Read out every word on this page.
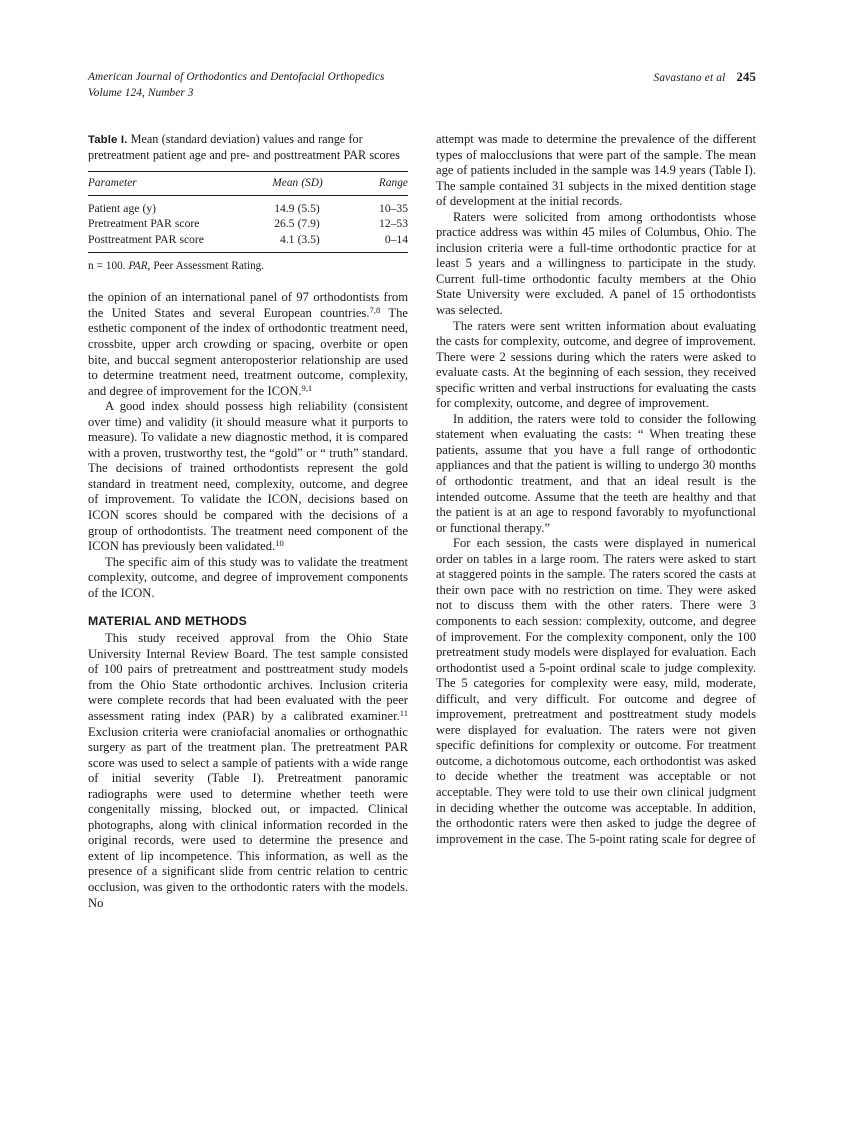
American Journal of Orthodontics and Dentofacial Orthopedics
Volume 124, Number 3
Savastano et al 245
Table I. Mean (standard deviation) values and range for pretreatment patient age and pre- and posttreatment PAR scores
Parameter	Mean (SD)	Range
Patient age (y)	14.9 (5.5)	10–35
Pretreatment PAR score	26.5 (7.9)	12–53
Posttreatment PAR score	4.1 (3.5)	0–14
n = 100. PAR, Peer Assessment Rating.

the opinion of an international panel of 97 orthodontists from the United States and several European countries.$^{7,8}$ The esthetic component of the index of orthodontic treatment need, crossbite, upper arch crowding or spacing, overbite or open bite, and buccal segment anteroposterior relationship are used to determine treatment need, treatment outcome, complexity, and degree of improvement for the ICON.$^{9,1}$

A good index should possess high reliability (consistent over time) and validity (it should measure what it purports to measure). To validate a new diagnostic method, it is compared with a proven, trustworthy test, the “gold” or “ truth” standard. The decisions of trained orthodontists represent the gold standard in treatment need, complexity, outcome, and degree of improvement. To validate the ICON, decisions based on ICON scores should be compared with the decisions of a group of orthodontists. The treatment need component of the ICON has previously been validated.$^{10}$

The specific aim of this study was to validate the treatment complexity, outcome, and degree of improvement components of the ICON.

MATERIAL AND METHODS

This study received approval from the Ohio State University Internal Review Board. The test sample consisted of 100 pairs of pretreatment and posttreatment study models from the Ohio State orthodontic archives. Inclusion criteria were complete records that had been evaluated with the peer assessment rating index (PAR) by a calibrated examiner.$^{11}$ Exclusion criteria were craniofacial anomalies or orthognathic surgery as part of the treatment plan. The pretreatment PAR score was used to select a sample of patients with a wide range of initial severity (Table I). Pretreatment panoramic radiographs were used to determine whether teeth were congenitally missing, blocked out, or impacted. Clinical photographs, along with clinical information recorded in the original records, were used to determine the presence and extent of lip incompetence. This information, as well as the presence of a significant slide from centric relation to centric occlusion, was given to the orthodontic raters with the models. No

attempt was made to determine the prevalence of the different types of malocclusions that were part of the sample. The mean age of patients included in the sample was 14.9 years (Table I). The sample contained 31 subjects in the mixed dentition stage of development at the initial records.

Raters were solicited from among orthodontists whose practice address was within 45 miles of Columbus, Ohio. The inclusion criteria were a full-time orthodontic practice for at least 5 years and a willingness to participate in the study. Current full-time orthodontic faculty members at the Ohio State University were excluded. A panel of 15 orthodontists was selected.

The raters were sent written information about evaluating the casts for complexity, outcome, and degree of improvement. There were 2 sessions during which the raters were asked to evaluate casts. At the beginning of each session, they received specific written and verbal instructions for evaluating the casts for complexity, outcome, and degree of improvement.

In addition, the raters were told to consider the following statement when evaluating the casts: “ When treating these patients, assume that you have a full range of orthodontic appliances and that the patient is willing to undergo 30 months of orthodontic treatment, and that an ideal result is the intended outcome. Assume that the teeth are healthy and that the patient is at an age to respond favorably to myofunctional or functional therapy.”

For each session, the casts were displayed in numerical order on tables in a large room. The raters were asked to start at staggered points in the sample. The raters scored the casts at their own pace with no restriction on time. They were asked not to discuss them with the other raters. There were 3 components to each session: complexity, outcome, and degree of improvement. For the complexity component, only the 100 pretreatment study models were displayed for evaluation. Each orthodontist used a 5-point ordinal scale to judge complexity. The 5 categories for complexity were easy, mild, moderate, difficult, and very difficult. For outcome and degree of improvement, pretreatment and posttreatment study models were displayed for evaluation. The raters were not given specific definitions for complexity or outcome. For treatment outcome, a dichotomous outcome, each orthodontist was asked to decide whether the treatment was acceptable or not acceptable. They were told to use their own clinical judgment in deciding whether the outcome was acceptable. In addition, the orthodontic raters were then asked to judge the degree of improvement in the case. The 5-point rating scale for degree of
